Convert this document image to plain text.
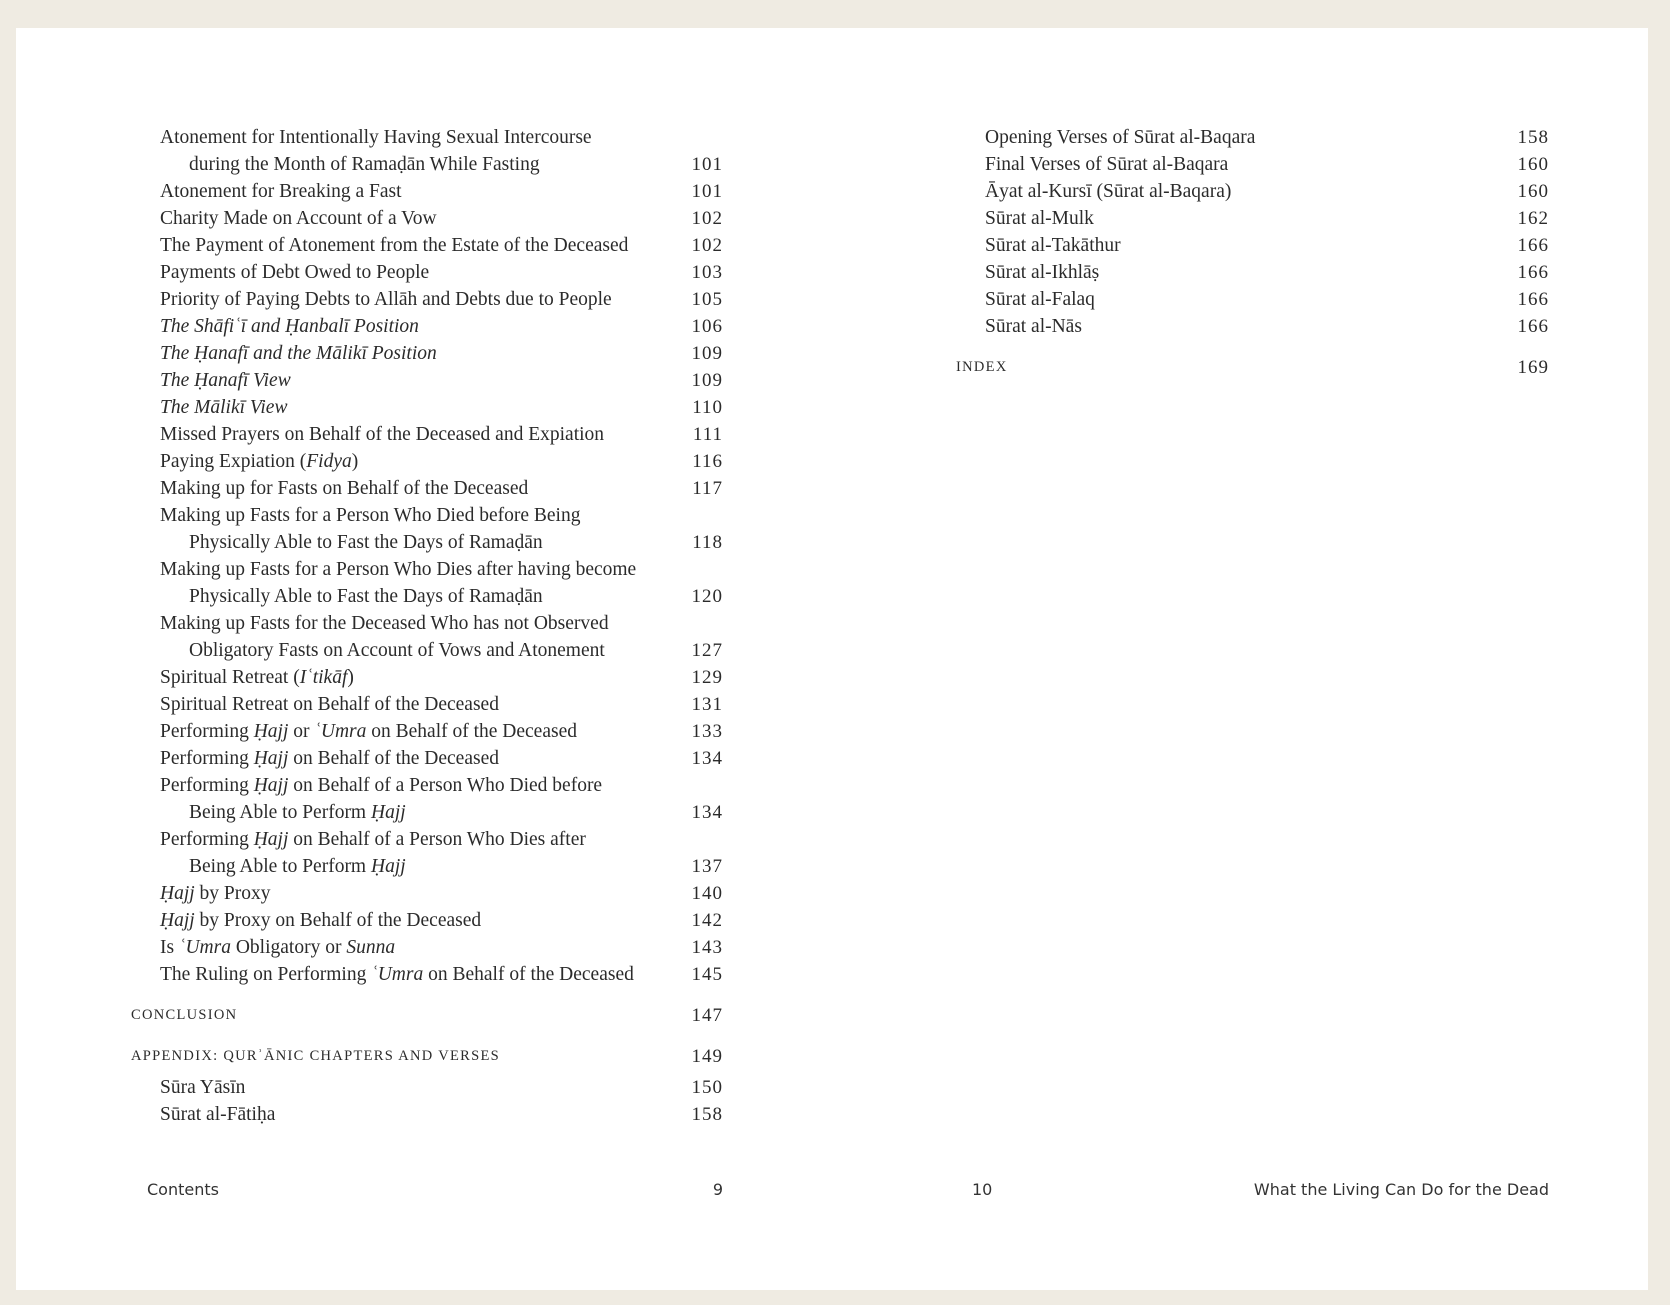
Atonement for Intentionally Having Sexual Intercourse
during the Month of Ramaḍān While Fasting	101
Atonement for Breaking a Fast	101
Charity Made on Account of a Vow	102
The Payment of Atonement from the Estate of the Deceased	102
Payments of Debt Owed to People	103
Priority of Paying Debts to Allāh and Debts due to People	105
The Shāfiʿī and Ḥanbalī Position	106
The Ḥanafī and the Mālikī Position	109
The Ḥanafī View	109
The Mālikī View	110
Missed Prayers on Behalf of the Deceased and Expiation	111
Paying Expiation (Fidya)	116
Making up for Fasts on Behalf of the Deceased	117
Making up Fasts for a Person Who Died before Being
Physically Able to Fast the Days of Ramaḍān	118
Making up Fasts for a Person Who Dies after having become
Physically Able to Fast the Days of Ramaḍān	120
Making up Fasts for the Deceased Who has not Observed
Obligatory Fasts on Account of Vows and Atonement	127
Spiritual Retreat (Iʿtikāf)	129
Spiritual Retreat on Behalf of the Deceased	131
Performing Ḥajj or ʿUmra on Behalf of the Deceased	133
Performing Ḥajj on Behalf of the Deceased	134
Performing Ḥajj on Behalf of a Person Who Died before
Being Able to Perform Ḥajj	134
Performing Ḥajj on Behalf of a Person Who Dies after
Being Able to Perform Ḥajj	137
Ḥajj by Proxy	140
Ḥajj by Proxy on Behalf of the Deceased	142
Is ʿUmra Obligatory or Sunna	143
The Ruling on Performing ʿUmra on Behalf of the Deceased	145
CONCLUSION	147
APPENDIX: QURʾĀNIC CHAPTERS AND VERSES	149
Sūra Yāsīn	150
Sūrat al-Fātiḥa	158
Opening Verses of Sūrat al-Baqara	158
Final Verses of Sūrat al-Baqara	160
Āyat al-Kursī (Sūrat al-Baqara)	160
Sūrat al-Mulk	162
Sūrat al-Takāthur	166
Sūrat al-Ikhlāṣ	166
Sūrat al-Falaq	166
Sūrat al-Nās	166
INDEX	169
Contents	9	10	What the Living Can Do for the Dead
